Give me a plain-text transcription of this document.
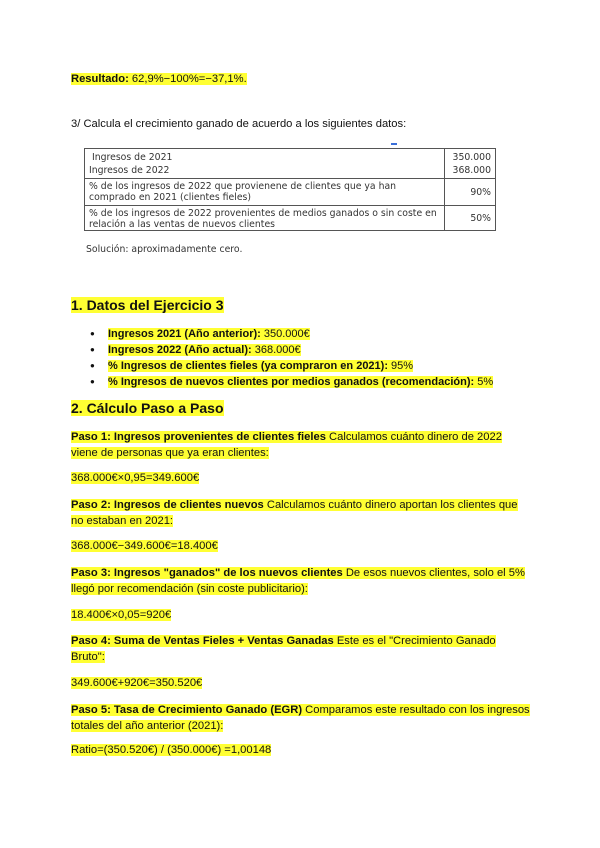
Resultado: 62,9%−100%=−37,1%.
3/ Calcula el crecimiento ganado de acuerdo a los siguientes datos:
Ingresos de 2021	350.000
Ingresos de 2022	368.000
% de los ingresos de 2022 que provienene de clientes que ya han comprado en 2021 (clientes fieles)	90%
% de los ingresos de 2022 provenientes de medios ganados o sin coste en relación a las ventas de nuevos clientes	50%
Solución: aproximadamente cero.
1. Datos del Ejercicio 3
● Ingresos 2021 (Año anterior): 350.000€
● Ingresos 2022 (Año actual): 368.000€
● % Ingresos de clientes fieles (ya compraron en 2021): 95%
● % Ingresos de nuevos clientes por medios ganados (recomendación): 5%
2. Cálculo Paso a Paso

Paso 1: Ingresos provenientes de clientes fieles Calculamos cuánto dinero de 2022

viene de personas que ya eran clientes:

368.000€×0,95=349.600€

Paso 2: Ingresos de clientes nuevos Calculamos cuánto dinero aportan los clientes que

no estaban en 2021:

368.000€−349.600€=18.400€

Paso 3: Ingresos "ganados" de los nuevos clientes De esos nuevos clientes, solo el 5%

llegó por recomendación (sin coste publicitario):

18.400€×0,05=920€

Paso 4: Suma de Ventas Fieles + Ventas Ganadas Este es el "Crecimiento Ganado

Bruto":

349.600€+920€=350.520€

Paso 5: Tasa de Crecimiento Ganado (EGR) Comparamos este resultado con los ingresos

totales del año anterior (2021):

Ratio=(350.520€) / (350.000€) =1,00148
